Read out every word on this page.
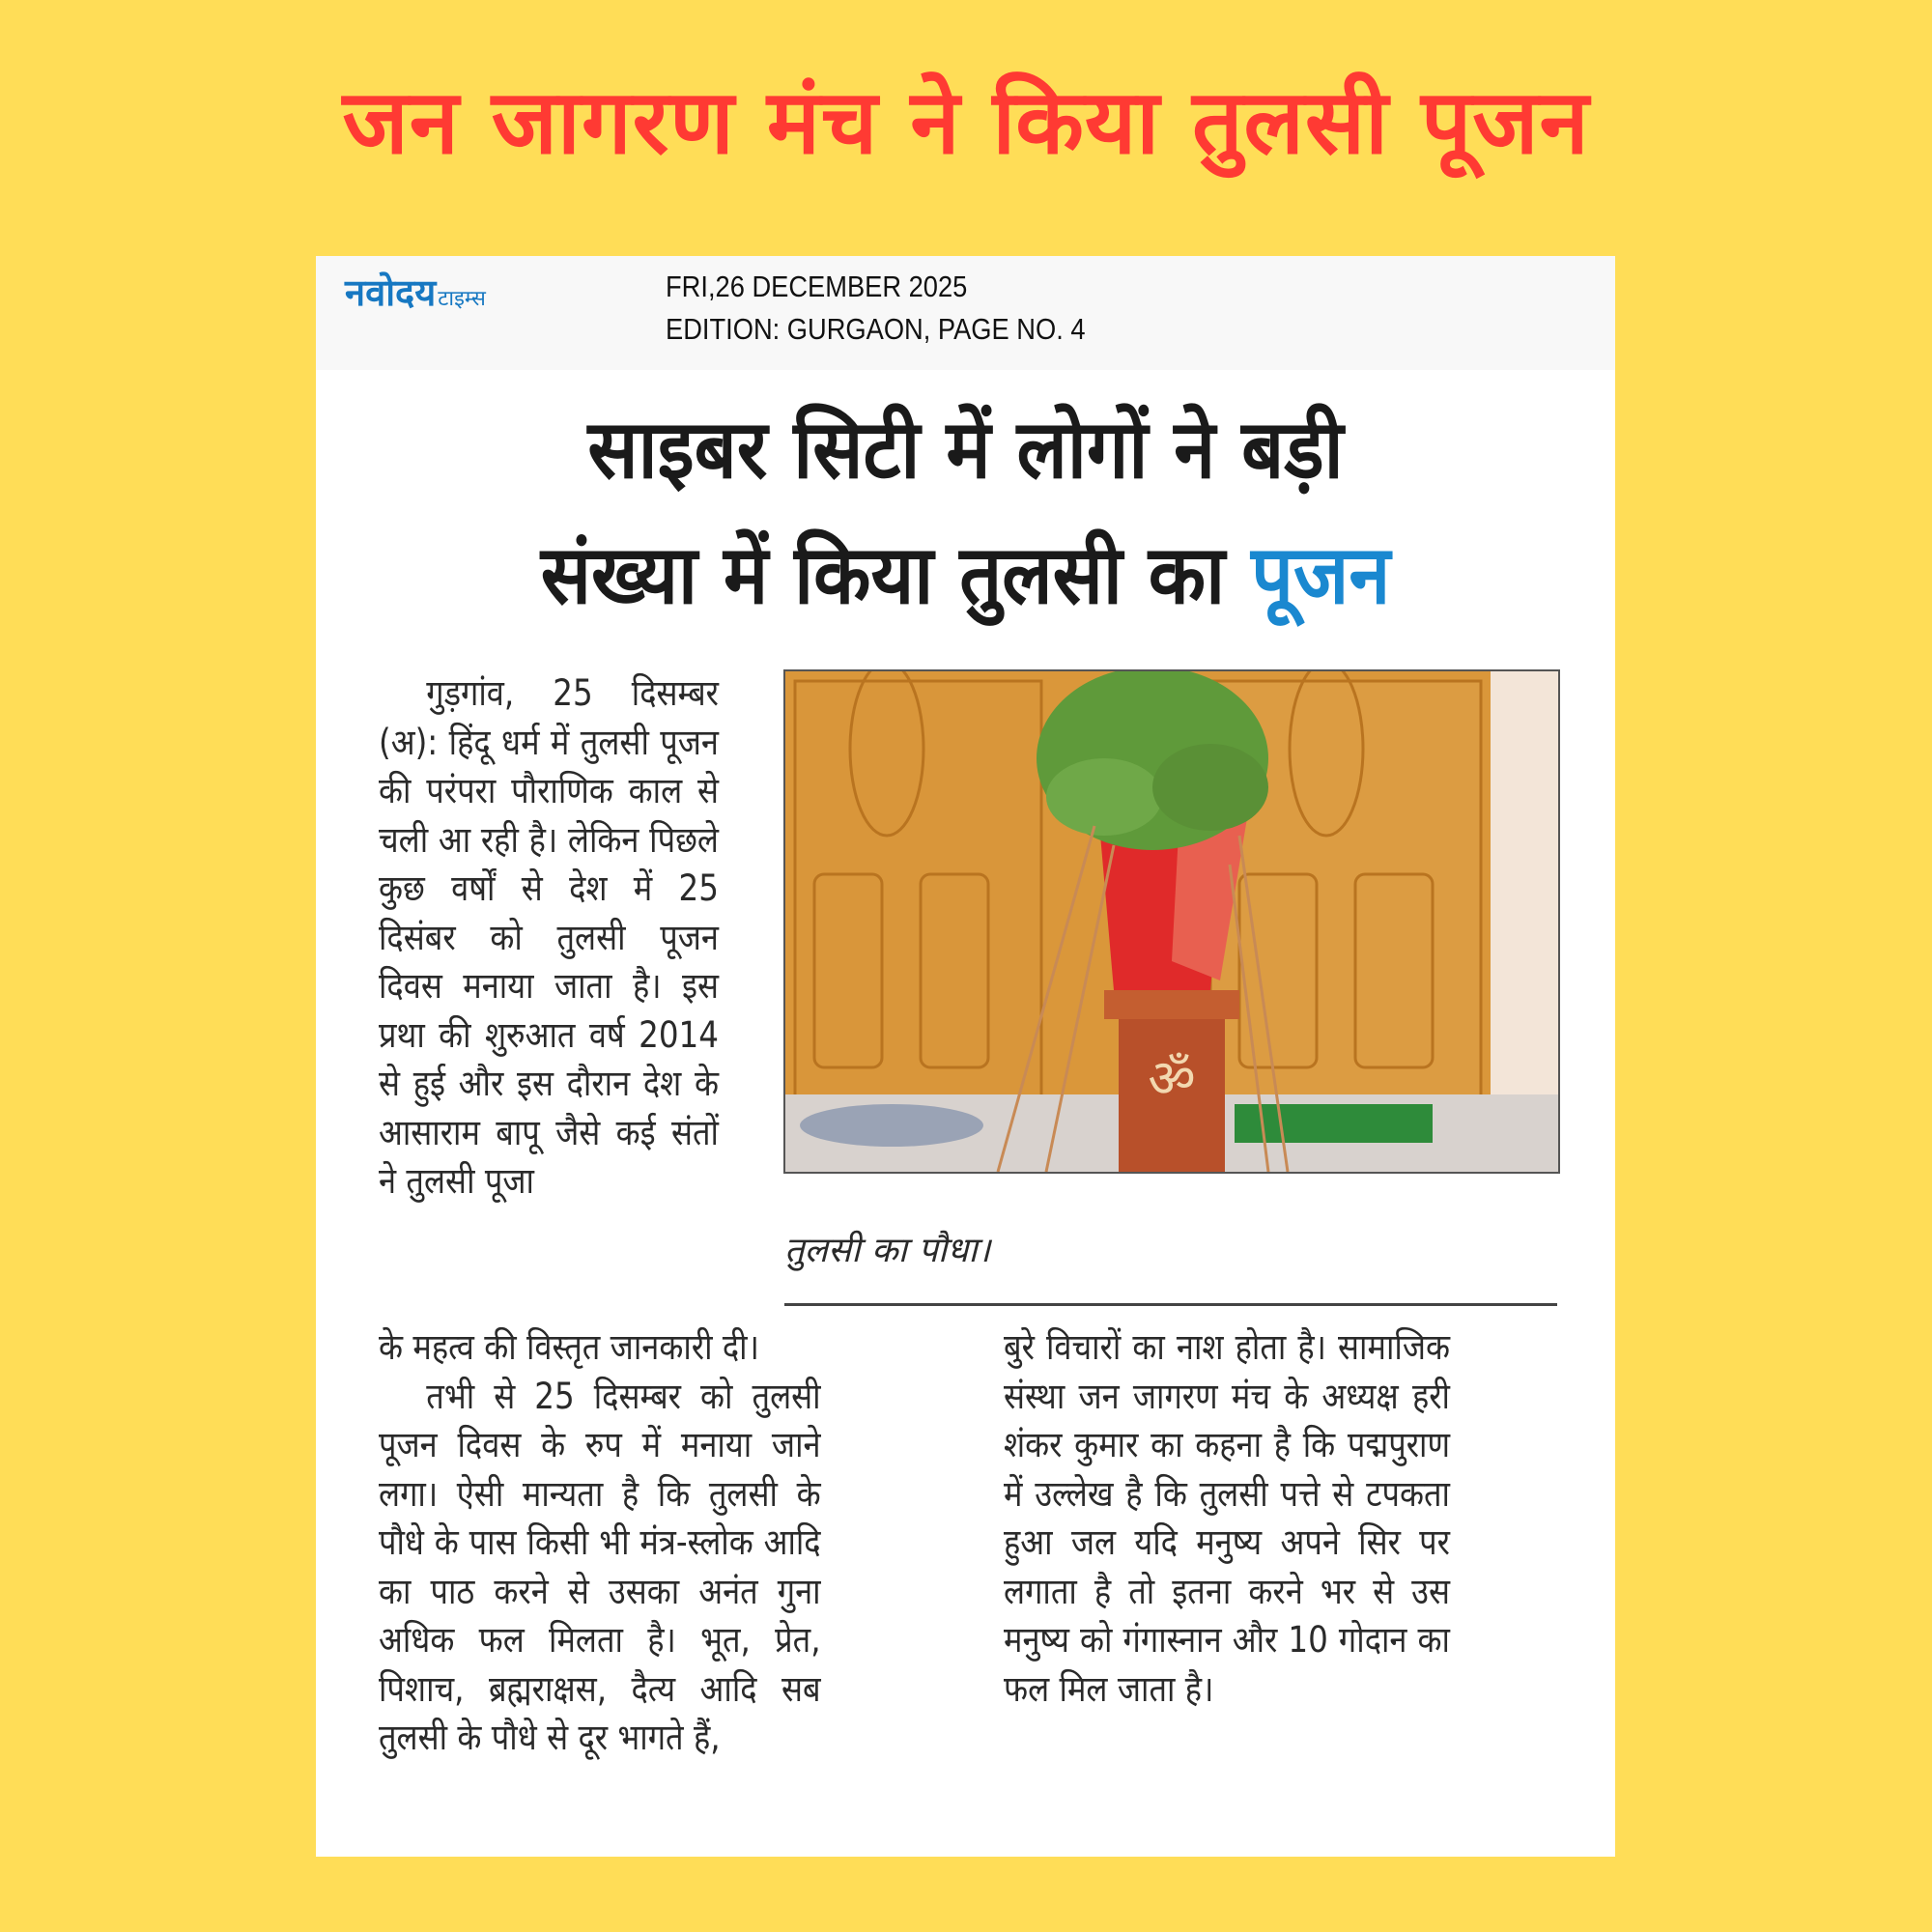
जन जागरण मंच ने किया तुलसी पूजन
नवोदय टाइम्स	FRI,26 DECEMBER 2025
EDITION: GURGAON, PAGE NO. 4
साइबर सिटी में लोगों ने बड़ी
संख्या में किया तुलसी का पूजन

गुड़गांव, 25 दिसम्बर (अ): हिंदू धर्म में तुलसी पूजन की परंपरा पौराणिक काल से चली आ रही है। लेकिन पिछले कुछ वर्षों से देश में 25 दिसंबर को तुलसी पूजन दिवस मनाया जाता है। इस प्रथा की शुरुआत वर्ष 2014 से हुई और इस दौरान देश के आसाराम बापू जैसे कई संतों ने तुलसी पूजा

ॐ
तुलसी का पौधा।

के महत्व की विस्तृत जानकारी दी।

तभी से 25 दिसम्बर को तुलसी पूजन दिवस के रुप में मनाया जाने लगा। ऐसी मान्यता है कि तुलसी के पौधे के पास किसी भी मंत्र-स्लोक आदि का पाठ करने से उसका अनंत गुना अधिक फल मिलता है। भूत, प्रेत, पिशाच, ब्रह्मराक्षस, दैत्य आदि सब तुलसी के पौधे से दूर भागते हैं,

बुरे विचारों का नाश होता है। सामाजिक संस्था जन जागरण मंच के अध्यक्ष हरी शंकर कुमार का कहना है कि पद्मपुराण में उल्लेख है कि तुलसी पत्ते से टपकता हुआ जल यदि मनुष्य अपने सिर पर लगाता है तो इतना करने भर से उस मनुष्य को गंगास्नान और 10 गोदान का फल मिल जाता है।
